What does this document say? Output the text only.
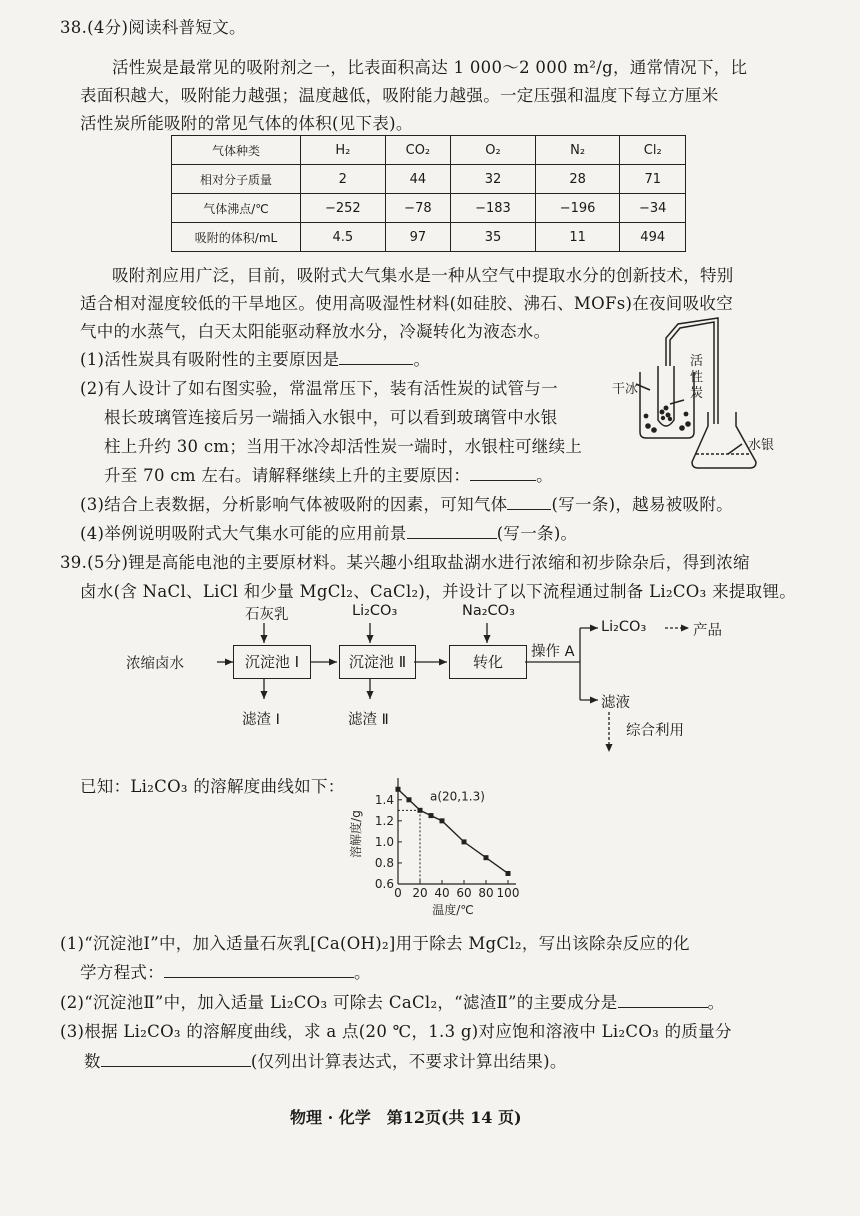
38.(4分)阅读科普短文。
活性炭是最常见的吸附剂之一，比表面积高达 1 000～2 000 m²/g，通常情况下，比
表面积越大，吸附能力越强；温度越低，吸附能力越强。一定压强和温度下每立方厘米
活性炭所能吸附的常见气体的体积(见下表)。
气体种类	H₂	CO₂	O₂	N₂	Cl₂
相对分子质量	2	44	32	28	71
气体沸点/℃	−252	−78	−183	−196	−34
吸附的体积/mL	4.5	97	35	11	494
吸附剂应用广泛，目前，吸附式大气集水是一种从空气中提取水分的创新技术，特别
适合相对湿度较低的干旱地区。使用高吸湿性材料(如硅胶、沸石、MOFs)在夜间吸收空
气中的水蒸气，白天太阳能驱动释放水分，冷凝转化为液态水。
(1)活性炭具有吸附性的主要原因是	。
(2)有人设计了如右图实验，常温常压下，装有活性炭的试管与一
根长玻璃管连接后另一端插入水银中，可以看到玻璃管中水银
柱上升约 30 cm；当用干冰冷却活性炭一端时，水银柱可继续上
升至 70 cm 左右。请解释继续上升的主要原因：	。
(3)结合上表数据，分析影响气体被吸附的因素，可知气体	(写一条)，越易被吸附。
(4)举例说明吸附式大气集水可能的应用前景	(写一条)。
干冰
活
性
炭
水银
39.(5分)锂是高能电池的主要原材料。某兴趣小组取盐湖水进行浓缩和初步除杂后，得到浓缩
卤水(含 NaCl、LiCl 和少量 MgCl₂、CaCl₂)，并设计了以下流程通过制备 Li₂CO₃ 来提取锂。
浓缩卤水
石灰乳	Li₂CO₃	Na₂CO₃
沉淀池 Ⅰ	沉淀池 Ⅱ	转化
操作 A
Li₂CO₃	产品
滤液
综合利用
滤渣 Ⅰ	滤渣 Ⅱ
已知：Li₂CO₃ 的溶解度曲线如下：
0.6
0.8
1.0
1.2
1.4
0 20 40 60 80 100
a(20,1.3)
温度/℃
溶解度/g
(1)“沉淀池Ⅰ”中，加入适量石灰乳[Ca(OH)₂]用于除去 MgCl₂，写出该除杂反应的化
学方程式：	。
(2)“沉淀池Ⅱ”中，加入适量 Li₂CO₃ 可除去 CaCl₂，“滤渣Ⅱ”的主要成分是	。
(3)根据 Li₂CO₃ 的溶解度曲线，求 a 点(20 ℃，1.3 g)对应饱和溶液中 Li₂CO₃ 的质量分
数	(仅列出计算表达式，不要求计算出结果)。
物理 · 化学　第12页(共 14 页)
